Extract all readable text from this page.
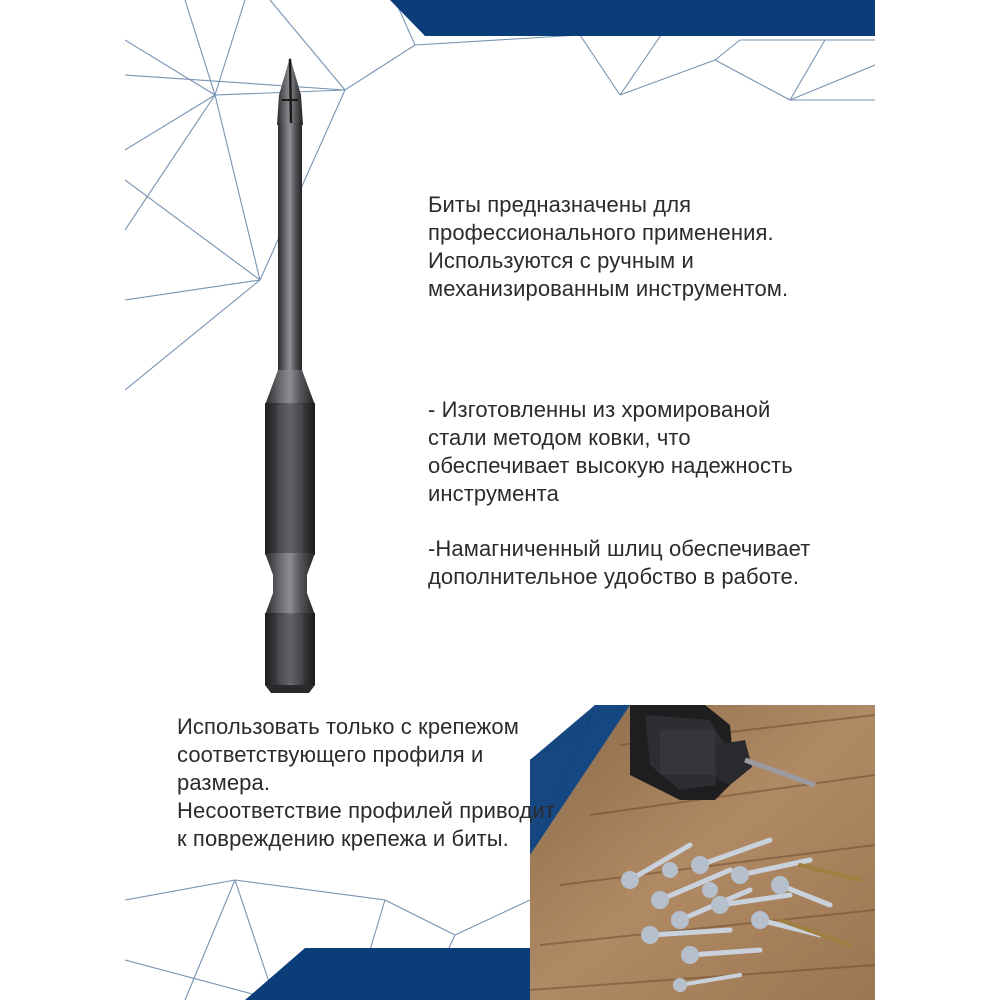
Биты предназначены для
профессионального применения.
Используются с ручным и
механизированным инструментом.

- Изготовленны из хромированой
стали методом ковки, что
обеспечивает высокую надежность
инструмента

-Намагниченный шлиц обеспечивает
дополнительное удобство в работе.

Использовать только с крепежом
соответствующего профиля и
размера.
Несоответствие профилей приводит
к повреждению крепежа и биты.
